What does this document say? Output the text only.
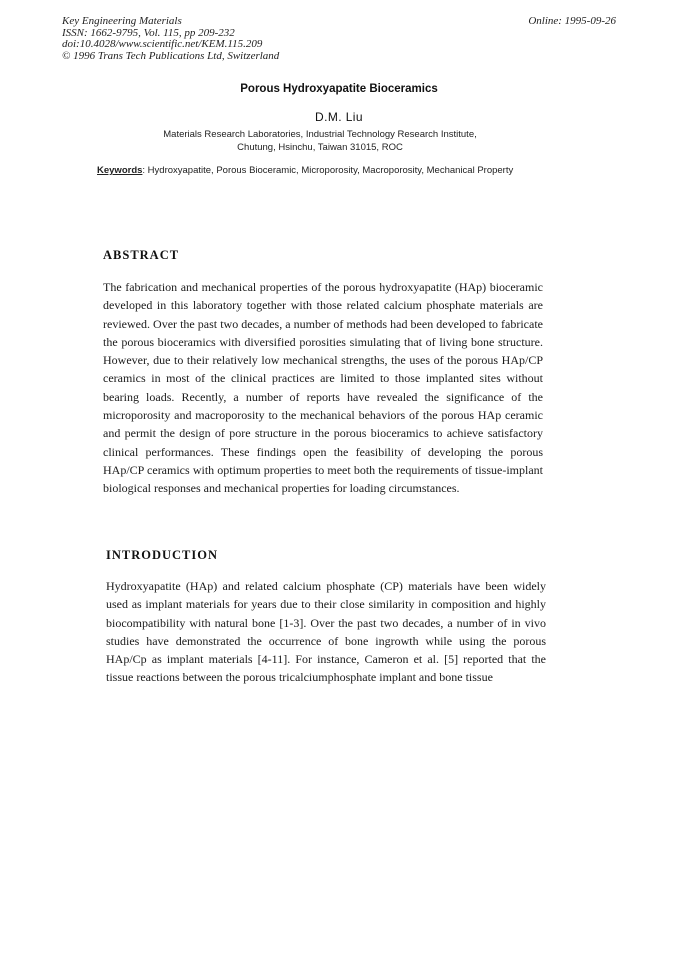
Key Engineering Materials
ISSN: 1662-9795, Vol. 115, pp 209-232
doi:10.4028/www.scientific.net/KEM.115.209
© 1996 Trans Tech Publications Ltd, Switzerland
Online: 1995-09-26
Porous Hydroxyapatite Bioceramics
D.M. Liu
Materials Research Laboratories, Industrial Technology Research Institute,
Chutung, Hsinchu, Taiwan 31015, ROC
Keywords: Hydroxyapatite, Porous Bioceramic, Microporosity, Macroporosity, Mechanical Property
ABSTRACT
The fabrication and mechanical properties of the porous hydroxyapatite (HAp) bioceramic developed in this laboratory together with those related calcium phosphate materials are reviewed. Over the past two decades, a number of methods had been developed to fabricate the porous bioceramics with diversified porosities simulating that of living bone structure. However, due to their relatively low mechanical strengths, the uses of the porous HAp/CP ceramics in most of the clinical practices are limited to those implanted sites without bearing loads. Recently, a number of reports have revealed the significance of the microporosity and macroporosity to the mechanical behaviors of the porous HAp ceramic and permit the design of pore structure in the porous bioceramics to achieve satisfactory clinical performances. These findings open the feasibility of developing the porous HAp/CP ceramics with optimum properties to meet both the requirements of tissue-implant biological responses and mechanical properties for loading circumstances.
INTRODUCTION
Hydroxyapatite (HAp) and related calcium phosphate (CP) materials have been widely used as implant materials for years due to their close similarity in composition and highly biocompatibility with natural bone [1-3]. Over the past two decades, a number of in vivo studies have demonstrated the occurrence of bone ingrowth while using the porous HAp/Cp as implant materials [4-11]. For instance, Cameron et al. [5] reported that the tissue reactions between the porous tricalciumphosphate implant and bone tissue
